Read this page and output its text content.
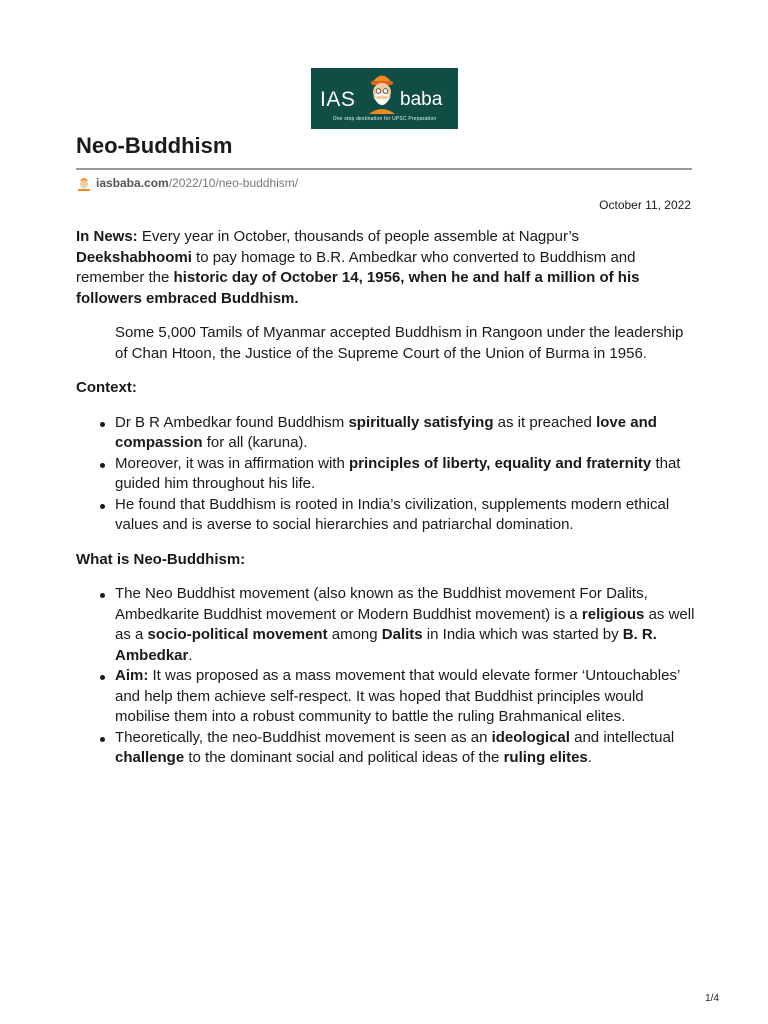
IAS baba
One stop destination for UPSC Preparation
Neo-Buddhism
iasbaba.com /2022/10/neo-buddhism/
October 11, 2022

In News: Every year in October, thousands of people assemble at Nagpur’s Deekshabhoomi to pay homage to B.R. Ambedkar who converted to Buddhism and remember the historic day of October 14, 1956, when he and half a million of his followers embraced Buddhism.

Some 5,000 Tamils of Myanmar accepted Buddhism in Rangoon under the leadership of Chan Htoon, the Justice of the Supreme Court of the Union of Burma in 1956.

Context:

Dr B R Ambedkar found Buddhism spiritually satisfying as it preached love and compassion for all (karuna).
Moreover, it was in affirmation with principles of liberty, equality and fraternity that guided him throughout his life.
He found that Buddhism is rooted in India’s civilization, supplements modern ethical values and is averse to social hierarchies and patriarchal domination.

What is Neo-Buddhism:

The Neo Buddhist movement (also known as the Buddhist movement For Dalits, Ambedkarite Buddhist movement or Modern Buddhist movement) is a religious as well as a socio-political movement among Dalits in India which was started by B. R. Ambedkar.
Aim: It was proposed as a mass movement that would elevate former ‘Untouchables’ and help them achieve self-respect. It was hoped that Buddhist principles would mobilise them into a robust community to battle the ruling Brahmanical elites.
Theoretically, the neo-Buddhist movement is seen as an ideological and intellectual challenge to the dominant social and political ideas of the ruling elites.
1/4
